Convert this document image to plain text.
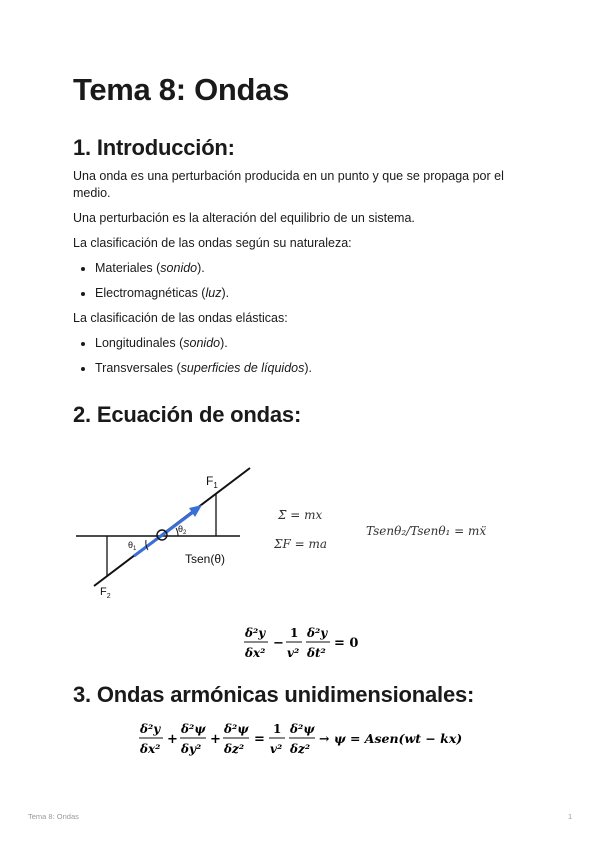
Tema 8: Ondas
1. Introducción:

Una onda es una perturbación producida en un punto y que se propaga por el medio.

Una perturbación es la alteración del equilibrio de un sistema.

La clasificación de las ondas según su naturaleza:

Materiales (sonido).

Electromagnéticas (luz).

La clasificación de las ondas elásticas:

Longitudinales (sonido).

Transversales (superficies de líquidos).

2. Ecuación de ondas:
$F_1$
$F_2$
$\theta_1$
$\theta_2$
Tsen(θ)
Σ̄ = mx
ΣF = ma
Tsenθ₂/Tsenθ₁ = mẍ
δ²y
δx²
−
1
v²
δ²y
δt²
= 0
3. Ondas armónicas unidimensionales:
δ²y
δx²
+
δ²ψ
δy²
+
δ²ψ
δz²
=
1
v²
δ²ψ
δz²
→ ψ = Asen(wt − kx)
Tema 8: Ondas	1
